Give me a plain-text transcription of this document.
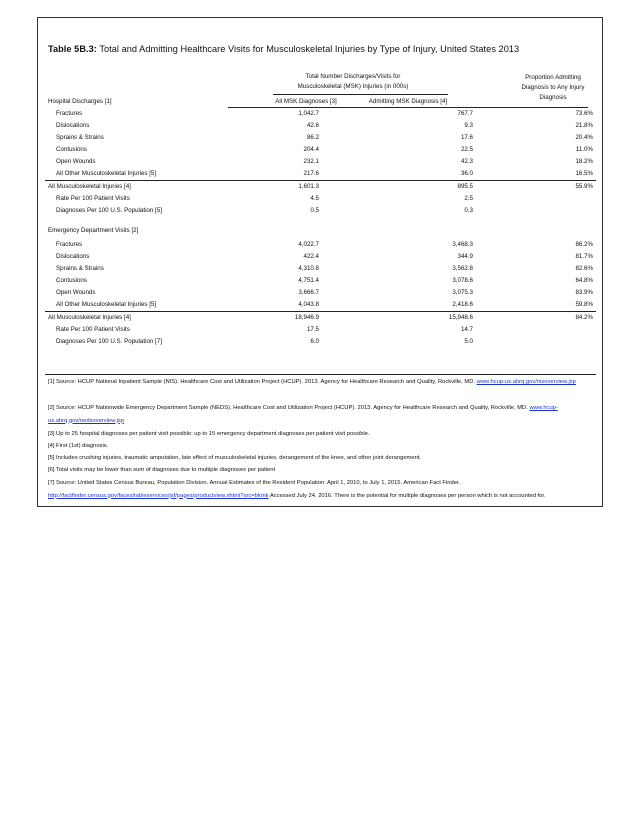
Table 5B.3: Total and Admitting Healthcare Visits for Musculoskeletal Injuries by Type of Injury, United States 2013
Total Number Discharges/Visits for
Musculoskeletal (MSK) Injuries (in 000s)
Proportion Admitting
Diagnosis to Any Injury
Diagnosis
All MSK Diagnoses [3]	Admitting MSK Diagnosis [4]
Hospital Discharges [1]
Fractures	1,042.7	767.7	73.6%
Dislocations	42.6	9.3	21.8%
Sprains & Strains	86.2	17.6	20.4%
Contusions	204.4	22.5	11.0%
Open Wounds	232.1	42.3	18.2%
All Other Musculoskeletal Injuries [5]	217.6	36.0	16.5%
All Musculoskeletal Injuries [4]	1,601.3	895.5	55.9%
Rate Per 100 Patient Visits	4.5	2.5
Diagnoses Per 100 U.S. Population [5]	0.5	0.3
Emergency Department Visits [2]
Fractures	4,022.7	3,468.3	86.2%
Dislocations	422.4	344.9	81.7%
Sprains & Strains	4,310.8	3,562.8	82.6%
Contusions	4,751.4	3,078.6	64.8%
Open Wounds	3,666.7	3,075.3	83.9%
All Other Musculoskeletal Injuries [5]	4,043.8	2,418.6	59.8%
All Musculoskeletal Injuries [4]	18,946.9	15,948.6	84.2%
Rate Per 100 Patient Visits	17.5	14.7
Diagnoses Per 100 U.S. Population [7]	6.0	5.0
[1] Source: HCUP National Inpatient Sample (NIS). Healthcare Cost and Utilization Project (HCUP). 2013. Agency for Healthcare Research and Quality, Rockville, MD. www.hcup-us.ahrq.gov/nisoverview.jsp
[2] Source: HCUP Nationwide Emergency Department Sample (NEDS). Healthcare Cost and Utilization Project (HCUP). 2013. Agency for Healthcare Research and Quality, Rockville, MD. www.hcup-us.ahrq.gov/nedsoverview.jsp
[3] Up to 25 hospital diagnoses per patient visit possible; up to 15 emergency department diagnoses per patient visit possible.
[4] First (1st) diagnosis.
[5] Includes crushing injuries, traumatic amputation, late effect of musculoskeletal injuries, derangement of the knee, and other joint derangement.
[6] Total visits may be lower than sum of diagnoses due to multiple diagnoses per patient
[7] Source: United States Census Bureau, Population Division. Annual Estimates of the Resident Population: April 1, 2010, to July 1, 2015. American Fact Finder. http://factfinder.census.gov/faces/tableservices/jsf/pages/productview.xhtml?src=bkmk Accessed July 24, 2016. There is the potential for multiple diagnoses per person which is not accounted for.
